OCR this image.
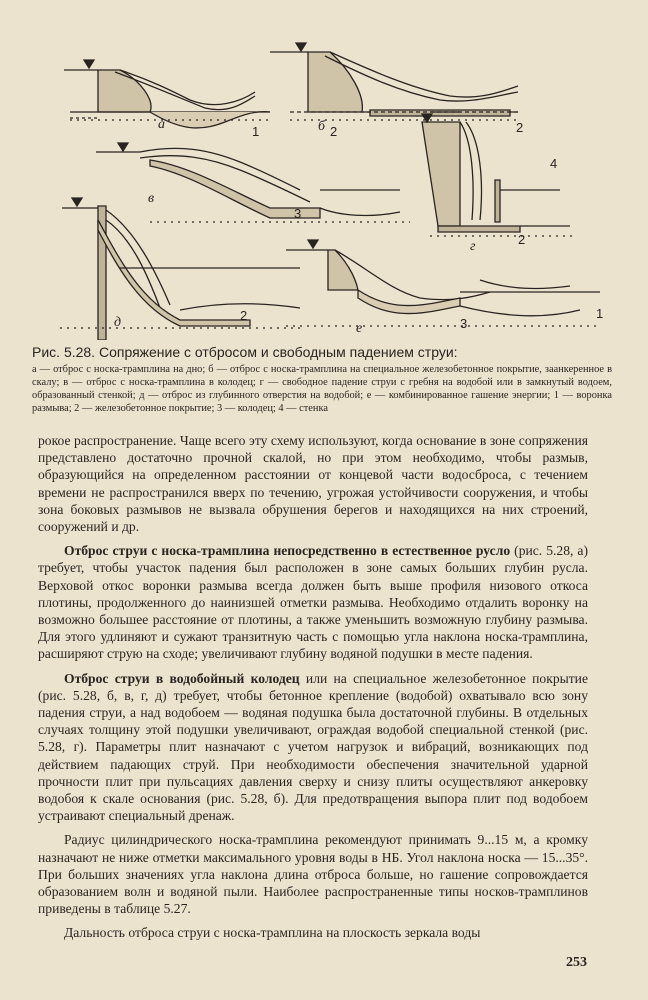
а	б
в
г
д	е
1	2	2
3
4
2
2
3
1

Рис. 5.28. Сопряжение с отбросом и свободным падением струи:

а — отброс с носка-трамплина на дно; б — отброс с носка-трамплина на специальное железобетонное покрытие, заанкеренное в скалу; в — отброс с носка-трамплина в колодец; г — свободное падение струи с гребня на водобой или в замкнутый водоем, образованный стенкой; д — отброс из глубинного отверстия на водобой; е — комбинированное гашение энергии; 1 — воронка размыва; 2 — железобетонное покрытие; 3 — колодец; 4 — стенка

рокое распространение. Чаще всего эту схему используют, когда основание в зоне сопряжения представлено достаточно прочной скалой, но при этом необходимо, чтобы размыв, образующийся на определенном расстоянии от концевой части водосброса, с течением времени не распространился вверх по течению, угрожая устойчивости сооружения, и чтобы зона боковых размывов не вызвала обрушения берегов и находящихся на них строений, сооружений и др.

Отброс струи с носка-трамплина непосредственно в естественное русло (рис. 5.28, а) требует, чтобы участок падения был расположен в зоне самых больших глубин русла. Верховой откос воронки размыва всегда должен быть выше профиля низового откоса плотины, продолженного до наинизшей отметки размыва. Необходимо отдалить воронку на возможно большее расстояние от плотины, а также уменьшить возможную глубину размыва. Для этого удлиняют и сужают транзитную часть с помощью угла наклона носка-трамплина, расширяют струю на сходе; увеличивают глубину водяной подушки в месте падения.

Отброс струи в водобойный колодец или на специальное железобетонное покрытие (рис. 5.28, б, в, г, д) требует, чтобы бетонное крепление (водобой) охватывало всю зону падения струи, а над водобоем — водяная подушка была достаточной глубины. В отдельных случаях толщину этой подушки увеличивают, ограждая водобой специальной стенкой (рис. 5.28, г). Параметры плит назначают с учетом нагрузок и вибраций, возникающих под действием падающих струй. При необходимости обеспечения значительной ударной прочности плит при пульсациях давления сверху и снизу плиты осуществляют анкеровку водобоя к скале основания (рис. 5.28, б). Для предотвращения выпора плит под водобоем устраивают специальный дренаж.

Радиус цилиндрического носка-трамплина рекомендуют принимать 9...15 м, а кромку назначают не ниже отметки максимального уровня воды в НБ. Угол наклона носка — 15...35°. При больших значениях угла наклона длина отброса больше, но гашение сопровождается образованием волн и водяной пыли. Наиболее распространенные типы носков-трамплинов приведены в таблице 5.27.

Дальность отброса струи с носка-трамплина на плоскость зеркала воды

253
